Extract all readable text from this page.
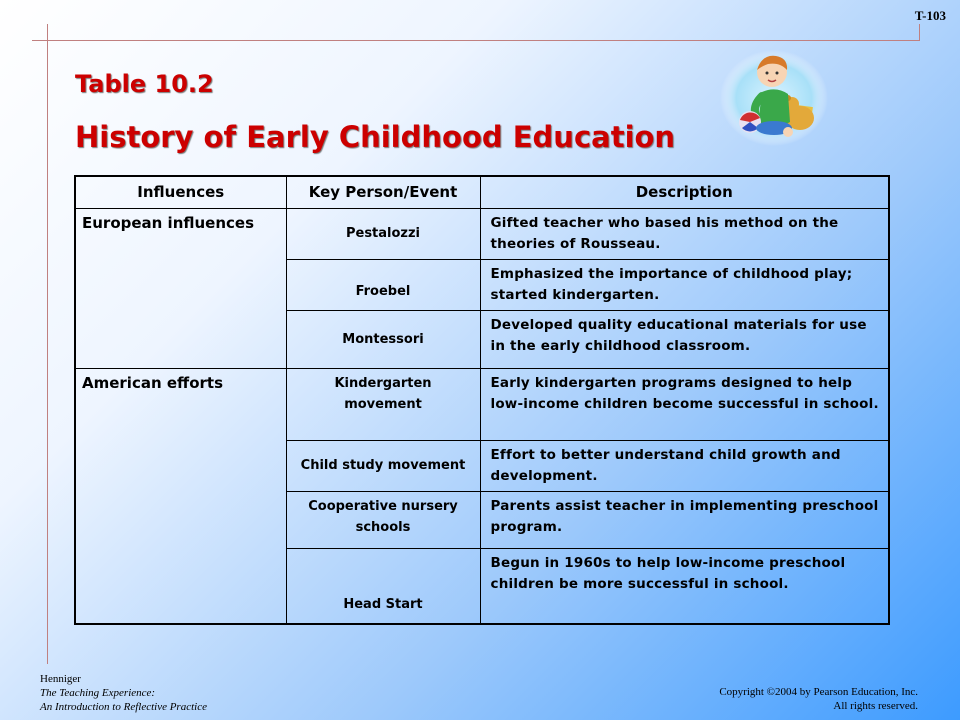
T-103
Table 10.2
History of Early Childhood Education
Influences	Key Person/Event	Description
European influences	Pestalozzi	Gifted teacher who based his method on the theories of Rousseau.
	Froebel	Emphasized the importance of childhood play; started kindergarten.
	Montessori	Developed quality educational materials for use in the early childhood classroom.
American efforts	Kindergarten movement	Early kindergarten programs designed to help low-income children become successful in school.
	Child study movement	Effort to better understand child growth and development.
	Cooperative nursery schools	Parents assist teacher in implementing preschool program.
	Head Start	Begun in 1960s to help low-income preschool children be more successful in school.
Henniger
The Teaching Experience:
An Introduction to Reflective Practice
Copyright ©2004 by Pearson Education, Inc.
All rights reserved.
